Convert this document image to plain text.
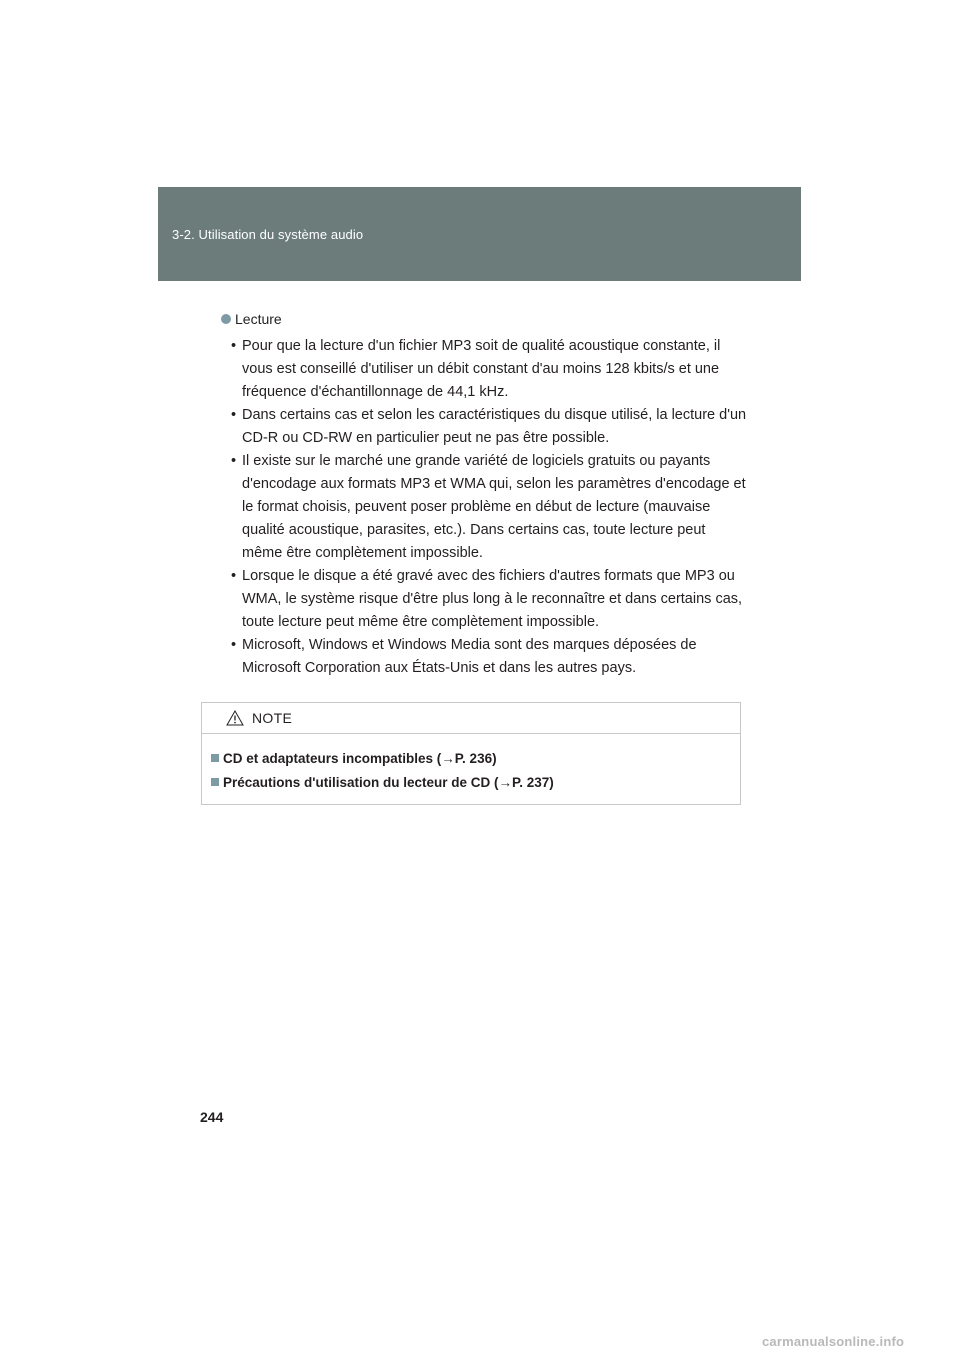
3-2. Utilisation du système audio
Lecture
• Pour que la lecture d'un fichier MP3 soit de qualité acoustique constante, il vous est conseillé d'utiliser un débit constant d'au moins 128 kbits/s et une fréquence d'échantillonnage de 44,1 kHz.
• Dans certains cas et selon les caractéristiques du disque utilisé, la lecture d'un CD-R ou CD-RW en particulier peut ne pas être possible.
• Il existe sur le marché une grande variété de logiciels gratuits ou payants d'encodage aux formats MP3 et WMA qui, selon les paramètres d'encodage et le format choisis, peuvent poser problème en début de lecture (mauvaise qualité acoustique, parasites, etc.). Dans certains cas, toute lecture peut même être complètement impossible.
• Lorsque le disque a été gravé avec des fichiers d'autres formats que MP3 ou WMA, le système risque d'être plus long à le reconnaître et dans certains cas, toute lecture peut même être complètement impossible.
• Microsoft, Windows et Windows Media sont des marques déposées de Microsoft Corporation aux États-Unis et dans les autres pays.
NOTE
CD et adaptateurs incompatibles (→P. 236)
Précautions d'utilisation du lecteur de CD (→P. 237)
244
carmanualsonline.info
